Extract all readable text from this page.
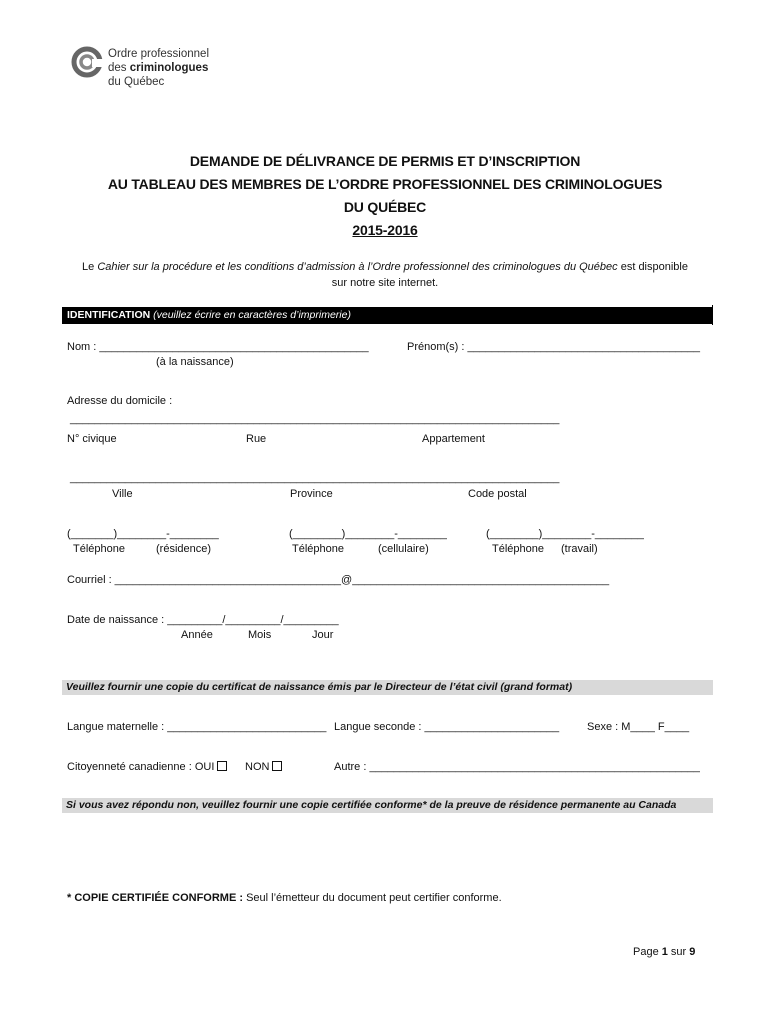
Ordre professionnel
des criminologues
du Québec
DEMANDE DE DÉLIVRANCE DE PERMIS ET D’INSCRIPTION
AU TABLEAU DES MEMBRES DE L’ORDRE PROFESSIONNEL DES CRIMINOLOGUES
DU QUÉBEC
2015-2016
Le Cahier sur la procédure et les conditions d’admission à l’Ordre professionnel des criminologues du Québec est disponible sur notre site internet.
IDENTIFICATION (veuillez écrire en caractères d’imprimerie)
Nom : ____________________________________________
(à la naissance)
Prénom(s) : ______________________________________
Adresse du domicile :
________________________________________________________________________________
N° civique	Rue	Appartement
________________________________________________________________________________
Ville	Province	Code postal
(_______)________-________	(________)________-________	(________)________-________
Téléphone	(résidence)	Téléphone	(cellulaire)	Téléphone (travail)
Courriel : _____________________________________@__________________________________________
Date de naissance : _________/_________/_________
Année	Mois	Jour
Veuillez fournir une copie du certificat de naissance émis par le Directeur de l’état civil (grand format)
Langue maternelle : __________________________ Langue seconde : ______________________	Sexe : M____ F____
Citoyenneté canadienne : OUI	NON	Autre : ______________________________________________________
Si vous avez répondu non, veuillez fournir une copie certifiée conforme* de la preuve de résidence permanente au Canada
* COPIE CERTIFIÉE CONFORME : Seul l’émetteur du document peut certifier conforme.
Page 1 sur 9
